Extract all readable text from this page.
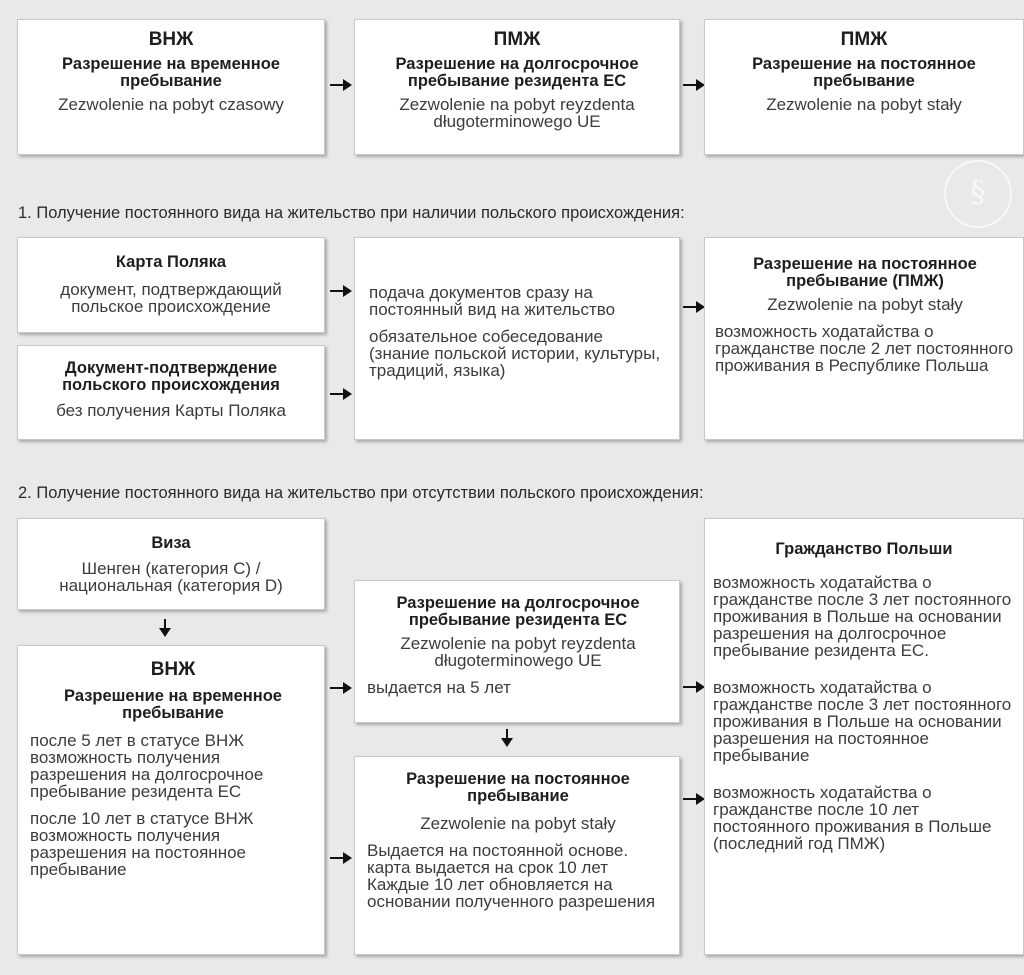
ВНЖ
Разрешение на временное пребывание
Zezwolenie na pobyt czasowy
ПМЖ
Разрешение на долгосрочное пребывание резидента ЕС
Zezwolenie na pobyt reyzdenta długoterminowego UE
ПМЖ
Разрешение на постоянное пребывание
Zezwolenie na pobyt stały
§
1. Получение постоянного вида на жительство при наличии польского происхождения:
Карта Поляка
документ, подтверждающий польское происхождение
Документ-подтверждение польского происхождения
без получения Карты Поляка
подача документов сразу на постоянный вид на жительство
обязательное собеседование (знание польской истории, культуры, традиций, языка)
Разрешение на постоянное пребывание (ПМЖ)
Zezwolenie na pobyt stały
возможность ходатайства о гражданстве после 2 лет постоянного проживания в Республике Польша
2. Получение постоянного вида на жительство при отсутствии польского происхождения:
Виза
Шенген (категория С) / национальная (категория D)
ВНЖ
Разрешение на временное пребывание
после 5 лет в статусе ВНЖ возможность получения разрешения на долгосрочное пребывание резидента ЕС
после 10 лет в статусе ВНЖ возможность получения разрешения на постоянное пребывание
Разрешение на долгосрочное пребывание резидента ЕС
Zezwolenie na pobyt reyzdenta długoterminowego UE
выдается на 5 лет
Разрешение на постоянное пребывание
Zezwolenie na pobyt stały
Выдается на постоянной основе. карта выдается на срок 10 лет Каждые 10 лет обновляется на основании полученного разрешения
Гражданство Польши
возможность ходатайства о гражданстве после 3 лет постоянного проживания в Польше на основании разрешения на долгосрочное пребывание резидента ЕС.
возможность ходатайства о гражданстве после 3 лет постоянного проживания в Польше на основании разрешения на постоянное пребывание
возможность ходатайства о гражданстве после 10 лет постоянного проживания в Польше (последний год ПМЖ)
